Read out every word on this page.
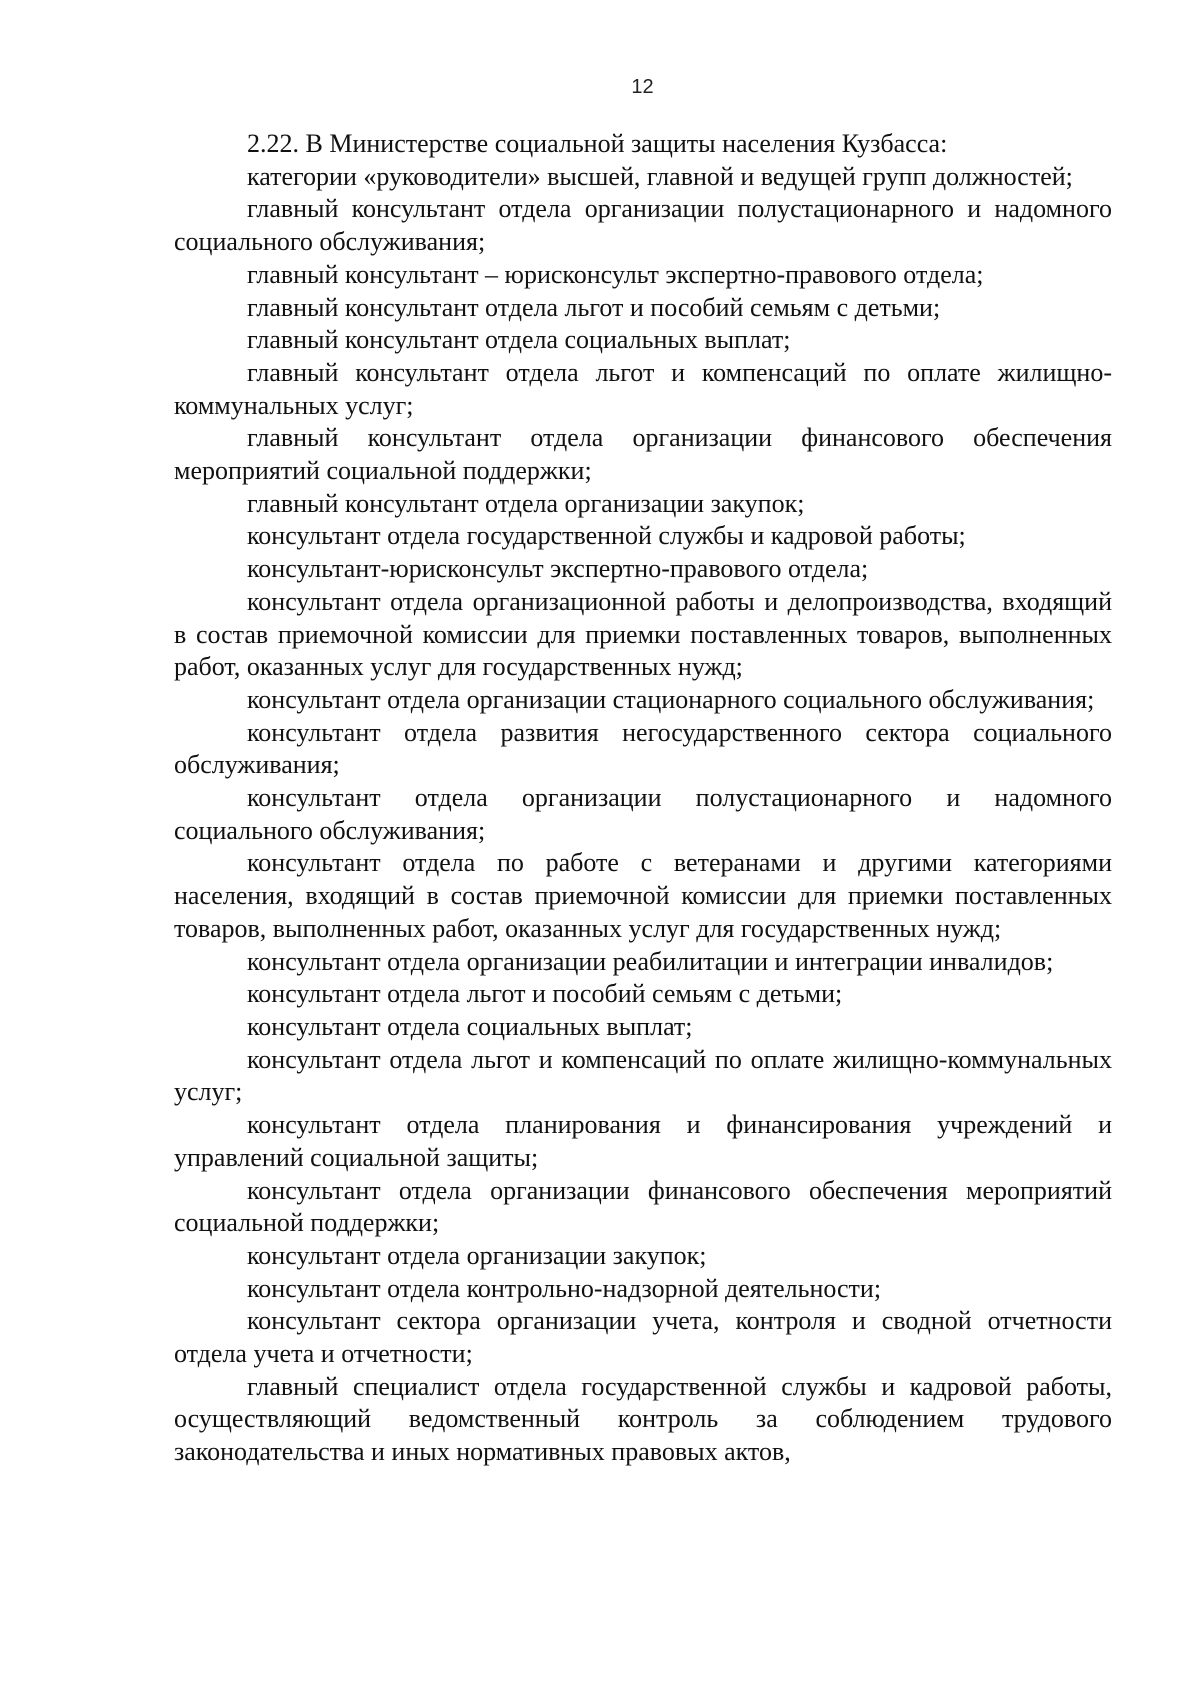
12

2.22. В Министерстве социальной защиты населения Кузбасса:

категории «руководители» высшей, главной и ведущей групп должностей;

главный консультант отдела организации полустационарного и надомного социального обслуживания;

главный консультант – юрисконсульт экспертно-правового отдела;

главный консультант отдела льгот и пособий семьям с детьми;

главный консультант отдела социальных выплат;

главный консультант отдела льгот и компенсаций по оплате жилищно-коммунальных услуг;

главный консультант отдела организации финансового обеспечения мероприятий социальной поддержки;

главный консультант отдела организации закупок;

консультант отдела государственной службы и кадровой работы;

консультант-юрисконсульт экспертно-правового отдела;

консультант отдела организационной работы и делопроизводства, входящий в состав приемочной комиссии для приемки поставленных товаров, выполненных работ, оказанных услуг для государственных нужд;

консультант отдела организации стационарного социального обслуживания;

консультант отдела развития негосударственного сектора социального обслуживания;

консультант отдела организации полустационарного и надомного социального обслуживания;

консультант отдела по работе с ветеранами и другими категориями населения, входящий в состав приемочной комиссии для приемки поставленных товаров, выполненных работ, оказанных услуг для государственных нужд;

консультант отдела организации реабилитации и интеграции инвалидов;

консультант отдела льгот и пособий семьям с детьми;

консультант отдела социальных выплат;

консультант отдела льгот и компенсаций по оплате жилищно-коммунальных услуг;

консультант отдела планирования и финансирования учреждений и управлений социальной защиты;

консультант отдела организации финансового обеспечения мероприятий социальной поддержки;

консультант отдела организации закупок;

консультант отдела контрольно-надзорной деятельности;

консультант сектора организации учета, контроля и сводной отчетности отдела учета и отчетности;

главный специалист отдела государственной службы и кадровой работы, осуществляющий ведомственный контроль за соблюдением трудового законодательства и иных нормативных правовых актов,
